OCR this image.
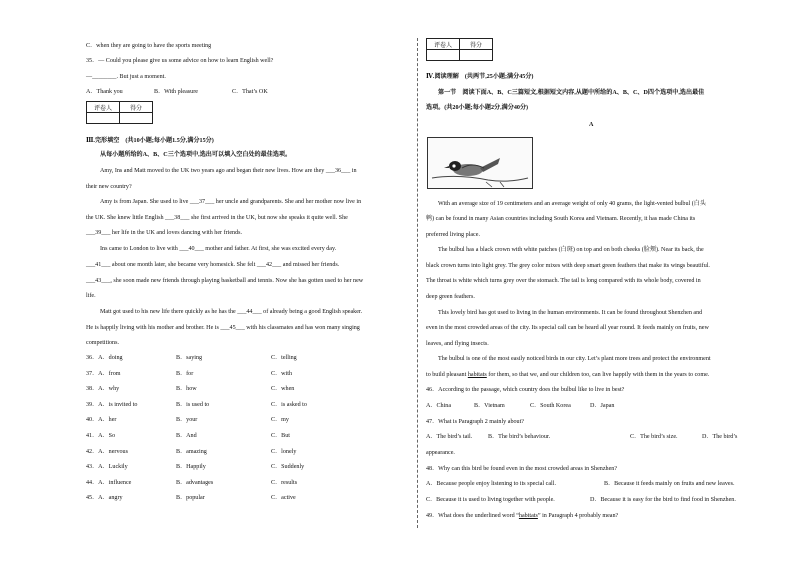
C．when they are going to have the sports meeting
35．— Could you please give us some advice on how to learn English well?
—________. But just a moment.
A．Thank you	B．With pleasure	C．That’s OK
评卷人	得分

Ⅲ.完形填空　(共10小题;每小题1.5分,满分15分)
从每小题所给的A、B、C三个选项中,选出可以填入空白处的最佳选项。
Amy, Ins and Matt moved to the UK two years ago and began their new lives. How are they ___36___ in
their new country?
Amy is from Japan. She used to live ___37___ her uncle and grandparents. She and her mother now live in
the UK. She knew little English ___38___ she first arrived in the UK, but now she speaks it quite well. She
___39___ her life in the UK and loves dancing with her friends.
Ins came to London to live with ___40___ mother and father. At first, she was excited every day.
___41___ about one month later, she became very homesick. She felt ___42___ and missed her friends.
___43___, she soon made new friends through playing basketball and tennis. Now she has gotten used to her new
life.
Matt got used to his new life there quickly as he has the ___44___ of already being a good English speaker.
He is happily living with his mother and brother. He is ___45___ with his classmates and has won many singing
competitions.
36．A．doing	B．saying	C．telling
37．A．from	B．for	C．with
38．A．why	B．how	C．when
39．A．is invited to	B．is used to	C．is asked to
40．A．her	B．your	C．my
41．A．So	B．And	C．But
42．A．nervous	B．amazing	C．lonely
43．A．Luckily	B．Happily	C．Suddenly
44．A．influence	B．advantages	C．results
45．A．angry	B．popular	C．active
评卷人	得分

Ⅳ.阅读理解　(共两节,25小题;满分45分)
第一节　阅读下面A、B、C三篇短文,根据短文内容,从题中所给的A、B、C、D四个选项中,选出最佳
选项。(共20小题;每小题2分,满分40分)
A
With an average size of 19 centimeters and an average weight of only 40 grams, the light-vented bulbul (白头
鹎) can be found in many Asian countries including South Korea and Vietnam. Recently, it has made China its
preferred living place.
The bulbul has a black crown with white patches (白斑) on top and on both cheeks (脸颊). Near its back, the
black crown turns into light grey. The grey color mixes with deep smart green feathers that make its wings beautiful.
The throat is white which turns grey over the stomach. The tail is long compared with its whole body, covered in
deep green feathers.
This lovely bird has got used to living in the human environments. It can be found throughout Shenzhen and
even in the most crowded areas of the city. Its special call can be heard all year round. It feeds mainly on fruits, new
leaves, and flying insects.
The bulbul is one of the most easily noticed birds in our city. Let’s plant more trees and protect the environment
to build pleasant habitats for them, so that we, and our children too, can live happily with them in the years to come.
46．According to the passage, which country does the bulbul like to live in best?
A．China	B．Vietnam	C．South Korea	D．Japan
47．What is Paragraph 2 mainly about?
A．The bird’s tail.	B．The bird’s behaviour.	C．The bird’s size.	D．The bird’s
appearance.
48．Why can this bird be found even in the most crowded areas in Shenzhen?
A．Because people enjoy listening to its special call.	B．Because it feeds mainly on fruits and new leaves.
C．Because it is used to living together with people.	D．Because it is easy for the bird to find food in Shenzhen.
49．What does the underlined word “habitats” in Paragraph 4 probably mean?
